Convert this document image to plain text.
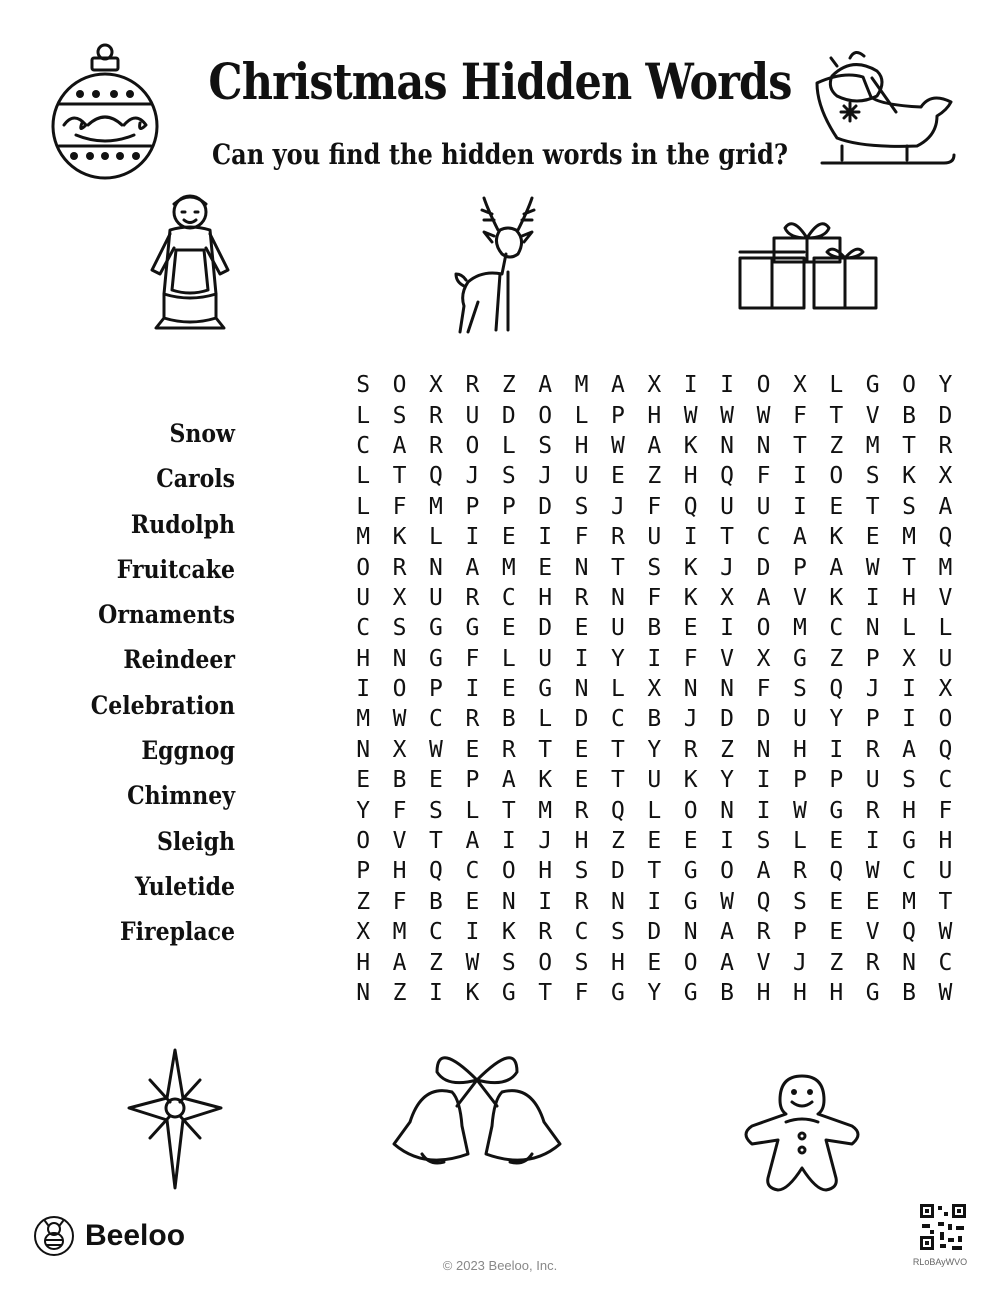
Christmas Hidden Words
Can you find the hidden words in the grid?
Snow
Carols
Rudolph
Fruitcake
Ornaments
Reindeer
Celebration
Eggnog
Chimney
Sleigh
Yuletide
Fireplace
S O X R Z A M A X I I O X L G O Y
L S R U D O L P H W W W F T V B D
C A R O L S H W A K N N T Z M T R
L T Q J S J U E Z H Q F I O S K X
L F M P P D S J F Q U U I E T S A
M K L I E I F R U I T C A K E M Q
O R N A M E N T S K J D P A W T M
U X U R C H R N F K X A V K I H V
C S G G E D E U B E I O M C N L L
H N G F L U I Y I F V X G Z P X U
I O P I E G N L X N N F S Q J I X
M W C R B L D C B J D D U Y P I O
N X W E R T E T Y R Z N H I R A Q
E B E P A K E T U K Y I P P U S C
Y F S L T M R Q L O N I W G R H F
O V T A I J H Z E E I S L E I G H
P H Q C O H S D T G O A R Q W C U
Z F B E N I R N I G W Q S E E M T
X M C I K R C S D N A R P E V Q W
H A Z W S O S H E O A V J Z R N C
N Z I K G T F G Y G B H H H G B W
Beeloo
© 2023 Beeloo, Inc.	RLoBAyWVO
